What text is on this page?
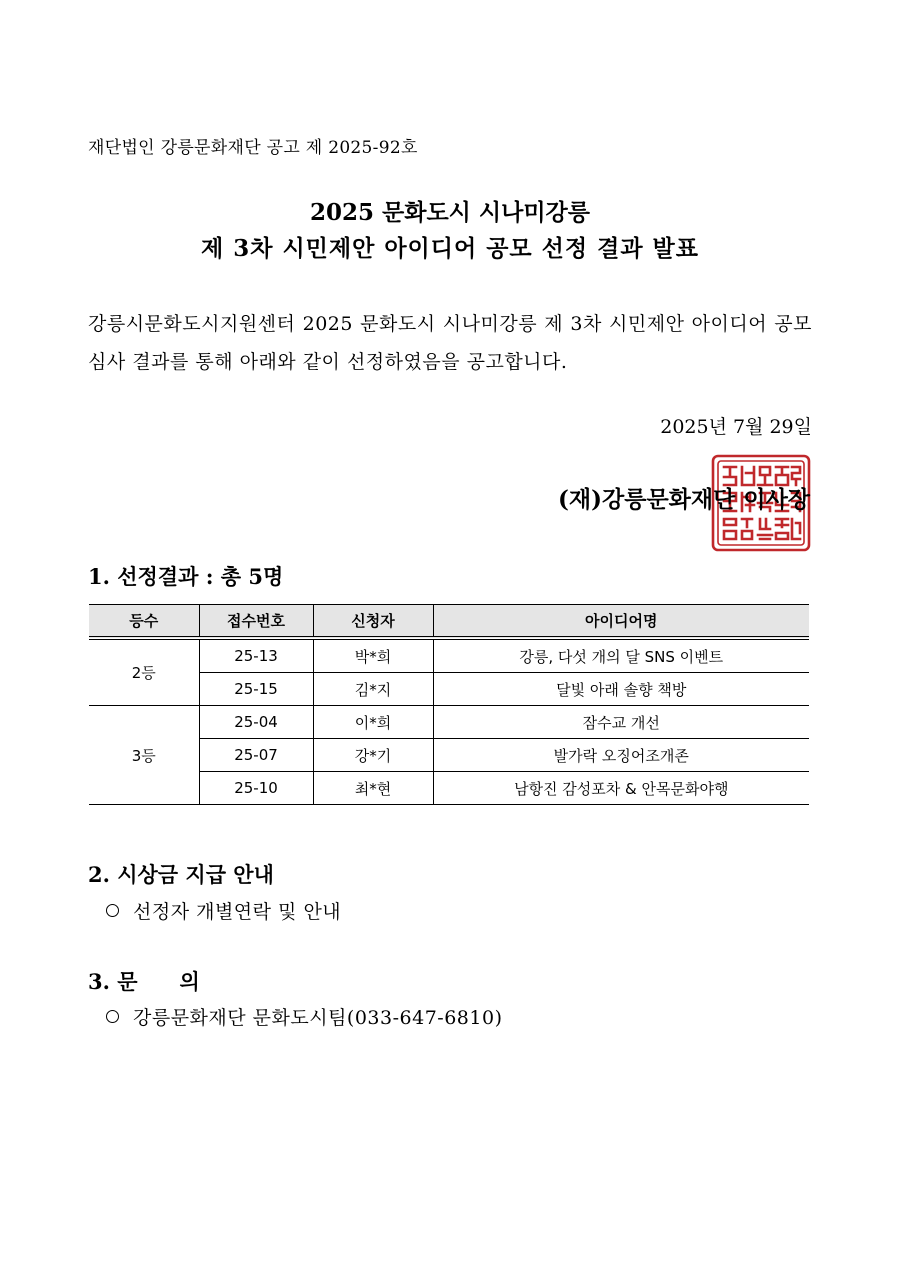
재단법인 강릉문화재단 공고 제 2025-92호
2025 문화도시 시나미강릉
제 3차 시민제안 아이디어 공모 선정 결과 발표
강릉시문화도시지원센터 2025 문화도시 시나미강릉 제 3차 시민제안 아이디어 공모 심사 결과를 통해 아래와 같이 선정하였음을 공고합니다.
2025년 7월 29일
(재)강릉문화재단 이사장
1. 선정결과 : 총 5명
등수	접수번호	신청자	아이디어명
2등	25-13	박*희	강릉, 다섯 개의 달 SNS 이벤트
	25-15	김*지	달빛 아래 솔향 책방
3등	25-04	이*희	잠수교 개선
	25-07	강*기	발가락 오징어조개존
	25-10	최*현	남항진 감성포차 & 안목문화야행
2. 시상금 지급 안내
선정자 개별연락 및 안내
3. 문　　의
강릉문화재단 문화도시팀(033-647-6810)
